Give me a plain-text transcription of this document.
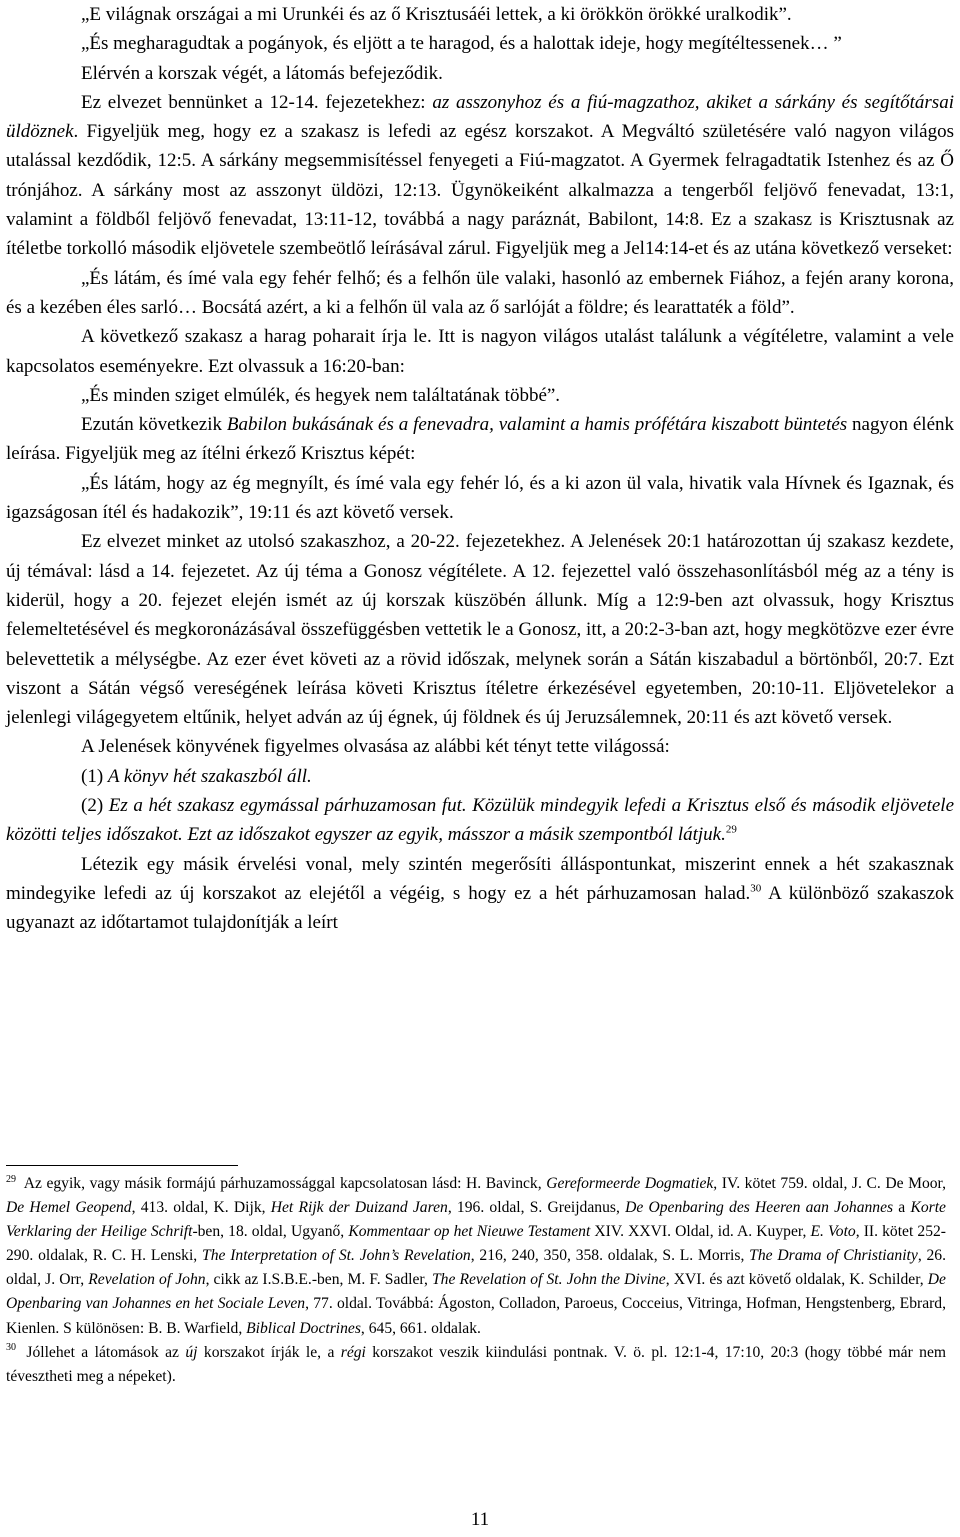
„E világnak országai a mi Urunkéi és az ő Krisztusáéi lettek, a ki örökkön örökké uralkodik”.

„És megharagudtak a pogányok, és eljött a te haragod, és a halottak ideje, hogy megítéltessenek… ”

Elérvén a korszak végét, a látomás befejeződik.

Ez elvezet bennünket a 12-14. fejezetekhez: az asszonyhoz és a fiú-magzathoz, akiket a sárkány és segítőtársai üldöznek. Figyeljük meg, hogy ez a szakasz is lefedi az egész korszakot. A Megváltó születésére való nagyon világos utalással kezdődik, 12:5. A sárkány megsemmisítéssel fenyegeti a Fiú-magzatot. A Gyermek felragadtatik Istenhez és az Ő trónjához. A sárkány most az asszonyt üldözi, 12:13. Ügynökeiként alkalmazza a tengerből feljövő fenevadat, 13:1, valamint a földből feljövő fenevadat, 13:11-12, továbbá a nagy paráznát, Babilont, 14:8. Ez a szakasz is Krisztusnak az ítéletbe torkolló második eljövetele szembeötlő leírásával zárul. Figyeljük meg a Jel14:14-et és az utána következő verseket:

„És látám, és ímé vala egy fehér felhő; és a felhőn üle valaki, hasonló az embernek Fiához, a fején arany korona, és a kezében éles sarló… Bocsátá azért, a ki a felhőn ül vala az ő sarlóját a földre; és learattaték a föld”.

A következő szakasz a harag poharait írja le. Itt is nagyon világos utalást találunk a végítéletre, valamint a vele kapcsolatos eseményekre. Ezt olvassuk a 16:20-ban:

„És minden sziget elmúlék, és hegyek nem találtatának többé”.

Ezután következik Babilon bukásának és a fenevadra, valamint a hamis prófétára kiszabott büntetés nagyon élénk leírása. Figyeljük meg az ítélni érkező Krisztus képét:

„És látám, hogy az ég megnyílt, és ímé vala egy fehér ló, és a ki azon ül vala, hivatik vala Hívnek és Igaznak, és igazságosan ítél és hadakozik”, 19:11 és azt követő versek.

Ez elvezet minket az utolsó szakaszhoz, a 20-22. fejezetekhez. A Jelenések 20:1 határozottan új szakasz kezdete, új témával: lásd a 14. fejezetet. Az új téma a Gonosz végítélete. A 12. fejezettel való összehasonlításból még az a tény is kiderül, hogy a 20. fejezet elején ismét az új korszak küszöbén állunk. Míg a 12:9-ben azt olvassuk, hogy Krisztus felemeltetésével és megkoronázásával összefüggésben vettetik le a Gonosz, itt, a 20:2-3-ban azt, hogy megkötözve ezer évre belevettetik a mélységbe. Az ezer évet követi az a rövid időszak, melynek során a Sátán kiszabadul a börtönből, 20:7. Ezt viszont a Sátán végső vereségének leírása követi Krisztus ítéletre érkezésével egyetemben, 20:10-11. Eljövetelekor a jelenlegi világegyetem eltűnik, helyet adván az új égnek, új földnek és új Jeruzsálemnek, 20:11 és azt követő versek.

A Jelenések könyvének figyelmes olvasása az alábbi két tényt tette világossá:

(1) A könyv hét szakaszból áll.

(2) Ez a hét szakasz egymással párhuzamosan fut. Közülük mindegyik lefedi a Krisztus első és második eljövetele közötti teljes időszakot. Ezt az időszakot egyszer az egyik, másszor a másik szempontból látjuk.$^{29}$

Létezik egy másik érvelési vonal, mely szintén megerősíti álláspontunkat, miszerint ennek a hét szakasznak mindegyike lefedi az új korszakot az elejétől a végéig, s hogy ez a hét párhuzamosan halad.$^{30}$ A különböző szakaszok ugyanazt az időtartamot tulajdonítják a leírt

$^{29}$ Az egyik, vagy másik formájú párhuzamossággal kapcsolatosan lásd: H. Bavinck, Gereformeerde Dogmatiek, IV. kötet 759. oldal, J. C. De Moor, De Hemel Geopend, 413. oldal, K. Dijk, Het Rijk der Duizand Jaren, 196. oldal, S. Greijdanus, De Openbaring des Heeren aan Johannes a Korte Verklaring der Heilige Schrift-ben, 18. oldal, Ugyanő, Kommentaar op het Nieuwe Testament XIV. XXVI. Oldal, id. A. Kuyper, E. Voto, II. kötet 252-290. oldalak, R. C. H. Lenski, The Interpretation of St. John’s Revelation, 216, 240, 350, 358. oldalak, S. L. Morris, The Drama of Christianity, 26. oldal, J. Orr, Revelation of John, cikk az I.S.B.E.-ben, M. F. Sadler, The Revelation of St. John the Divine, XVI. és azt követő oldalak, K. Schilder, De Openbaring van Johannes en het Sociale Leven, 77. oldal. Továbbá: Ágoston, Colladon, Paroeus, Cocceius, Vitringa, Hofman, Hengstenberg, Ebrard, Kienlen. S különösen: B. B. Warfield, Biblical Doctrines, 645, 661. oldalak.

$^{30}$ Jóllehet a látomások az új korszakot írják le, a régi korszakot veszik kiindulási pontnak. V. ö. pl. 12:1-4, 17:10, 20:3 (hogy többé már nem tévesztheti meg a népeket).

11
